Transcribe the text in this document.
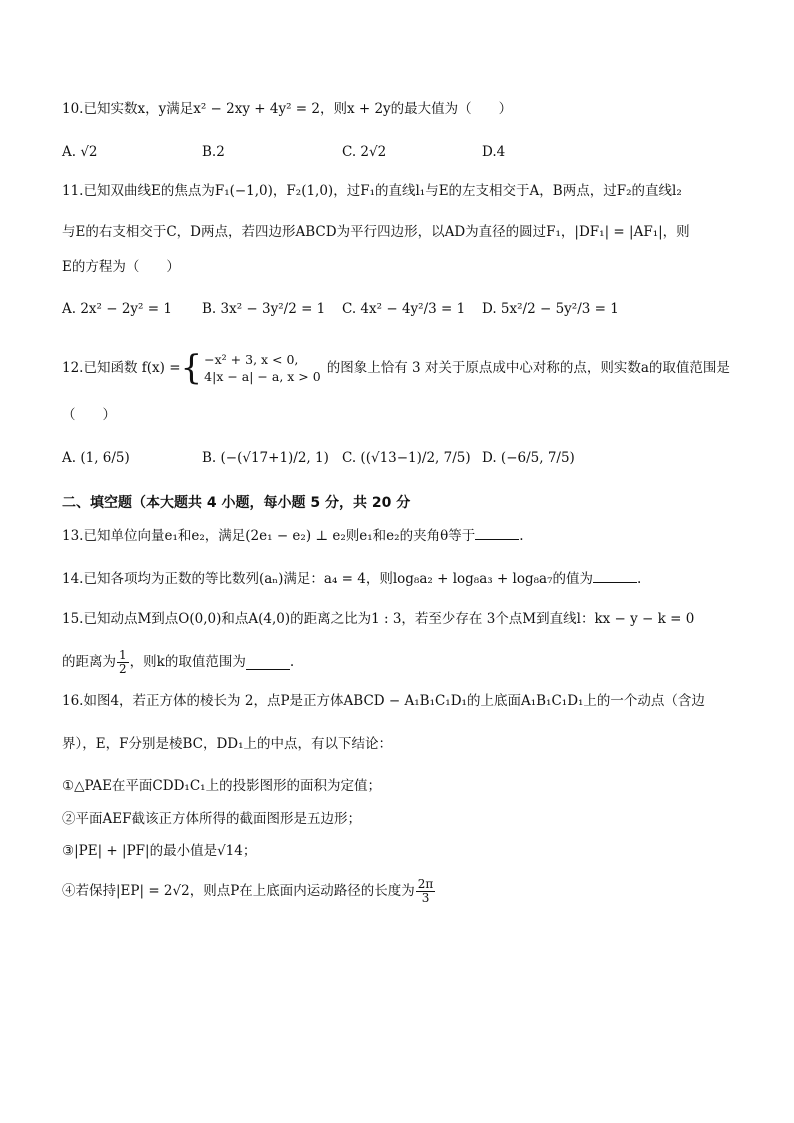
10.已知实数x，y满足x² − 2xy + 4y² = 2，则x + 2y的最大值为（　　）
A. √2	B.2	C. 2√2	D.4
11.已知双曲线E的焦点为F₁(−1,0)，F₂(1,0)，过F₁的直线l₁与E的左支相交于A，B两点，过F₂的直线l₂
与E的右支相交于C，D两点，若四边形ABCD为平行四边形，以AD为直径的圆过F₁，|DF₁| = |AF₁|，则
E的方程为（　　）
A. 2x² − 2y² = 1 B. 3x² − 3y²/2 = 1 C. 4x² − 4y²/3 = 1 D. 5x²/2 − 5y²/3 = 1
12.已知函数 f(x) = { −x² + 3, x < 0,
4|x − a| − a, x > 0
的图象上恰有 3 对关于原点成中心对称的点，则实数a的取值范围是
（　　）
A. (1, 6/5)	B. (−(√17+1)/2, 1) C. ((√13−1)/2, 7/5) D. (−6/5, 7/5)
二、填空题（本大题共 4 小题，每小题 5 分，共 20 分
13.已知单位向量e₁和e₂，满足(2e₁ − e₂) ⊥ e₂则e₁和e₂的夹角θ等于	.
14.已知各项均为正数的等比数列(aₙ)满足：a₄ = 4，则log₈a₂ + log₈a₃ + log₈a₇的值为	.
15.已知动点M到点O(0,0)和点A(4,0)的距离之比为1 : 3，若至少存在 3个点M到直线l：kx − y − k = 0
的距离为 $\frac{1}{2}$ ，则k的取值范围为	.
16.如图4，若正方体的棱长为 2，点P是正方体ABCD − A₁B₁C₁D₁的上底面A₁B₁C₁D₁上的一个动点（含边
界），E，F分别是棱BC，DD₁上的中点，有以下结论：
①△PAE在平面CDD₁C₁上的投影图形的面积为定值；
②平面AEF截该正方体所得的截面图形是五边形；
③|PE| + |PF|的最小值是√14；
④若保持|EP| = 2√2，则点P在上底面内运动路径的长度为 $\frac{2\pi}{3}$
